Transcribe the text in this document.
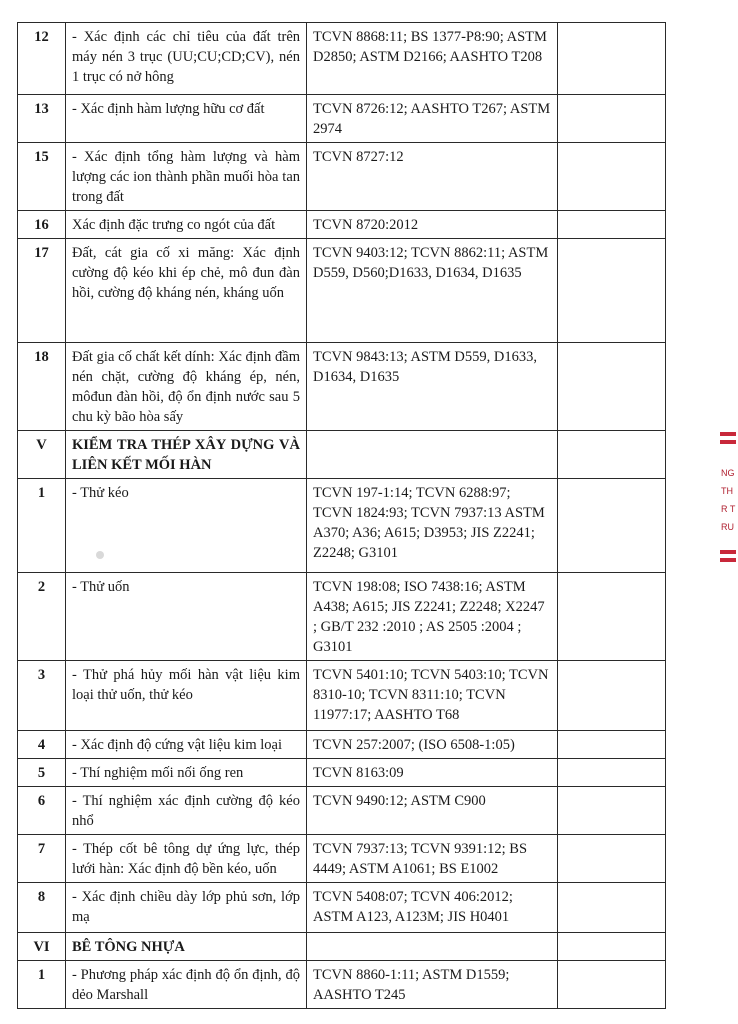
12	- Xác định các chỉ tiêu của đất trên máy nén 3 trục (UU;CU;CD;CV), nén 1 trục có nở hông	TCVN 8868:11; BS 1377-P8:90; ASTM D2850; ASTM D2166; AASHTO T208	
13	- Xác định hàm lượng hữu cơ đất	TCVN 8726:12; AASHTO T267; ASTM 2974	
15	- Xác định tổng hàm lượng và hàm lượng các ion thành phần muối hòa tan trong đất	TCVN 8727:12	
16	Xác định đặc trưng co ngót của đất	TCVN 8720:2012	
17	Đất, cát gia cố xi măng: Xác định cường độ kéo khi ép chẻ, mô đun đàn hồi, cường độ kháng nén, kháng uốn	TCVN 9403:12; TCVN 8862:11; ASTM D559, D560;D1633, D1634, D1635	
18	Đất gia cố chất kết dính: Xác định đầm nén chặt, cường độ kháng ép, nén, môđun đàn hồi, độ ổn định nước sau 5 chu kỳ bão hòa sấy	TCVN 9843:13; ASTM D559, D1633, D1634, D1635	
V	KIỂM TRA THÉP XÂY DỰNG VÀ LIÊN KẾT MỐI HÀN		
1	- Thử kéo	TCVN 197-1:14; TCVN 6288:97; TCVN 1824:93; TCVN 7937:13 ASTM A370; A36; A615; D3953; JIS Z2241; Z2248; G3101	
2	- Thử uốn	TCVN 198:08; ISO 7438:16; ASTM A438; A615; JIS Z2241; Z2248; X2247 ; GB/T 232 :2010 ; AS 2505 :2004 ; G3101	
3	- Thử phá hủy mối hàn vật liệu kim loại thử uốn, thử kéo	TCVN 5401:10; TCVN 5403:10; TCVN 8310-10; TCVN 8311:10; TCVN 11977:17; AASHTO T68	
4	- Xác định độ cứng vật liệu kim loại	TCVN 257:2007; (ISO 6508-1:05)	
5	- Thí nghiệm mối nối ống ren	TCVN 8163:09	
6	- Thí nghiệm xác định cường độ kéo nhổ	TCVN 9490:12; ASTM C900	
7	- Thép cốt bê tông dự ứng lực, thép lưới hàn: Xác định độ bền kéo, uốn	TCVN 7937:13; TCVN 9391:12; BS 4449; ASTM A1061; BS E1002	
8	- Xác định chiều dày lớp phủ sơn, lớp mạ	TCVN 5408:07; TCVN 406:2012; ASTM A123, A123M; JIS H0401	
VI	BÊ TÔNG NHỰA		
1	- Phương pháp xác định độ ổn định, độ dẻo Marshall	TCVN 8860-1:11; ASTM D1559; AASHTO T245	
NG
TH
R T
RU
